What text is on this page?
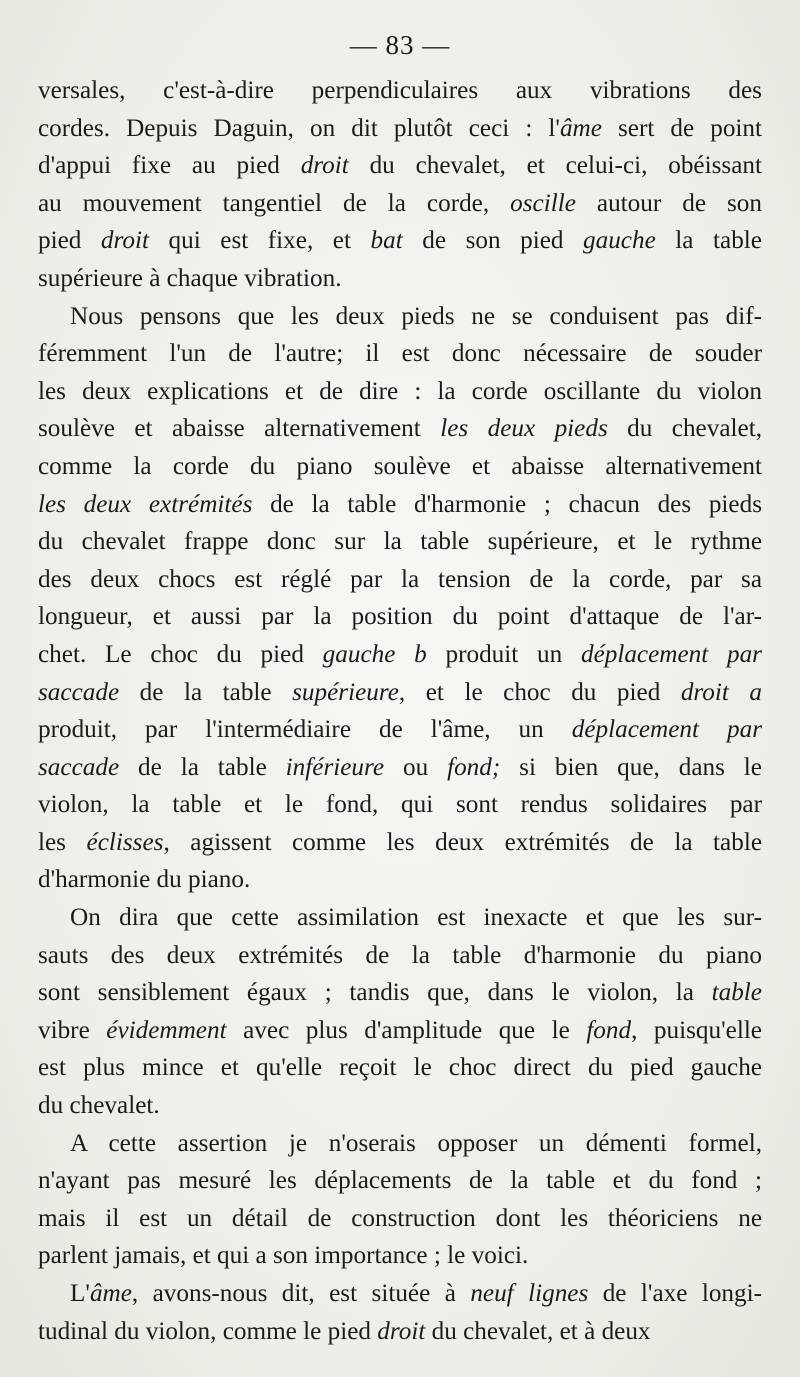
— 83 —

versales, c'est-à-dire perpendiculaires aux vibrations des

cordes. Depuis Daguin, on dit plutôt ceci : l'âme sert de point

d'appui fixe au pied droit du chevalet, et celui-ci, obéissant

au mouvement tangentiel de la corde, oscille autour de son

pied droit qui est fixe, et bat de son pied gauche la table

supérieure à chaque vibration.

Nous pensons que les deux pieds ne se conduisent pas dif-

féremment l'un de l'autre; il est donc nécessaire de souder

les deux explications et de dire : la corde oscillante du violon

soulève et abaisse alternativement les deux pieds du chevalet,

comme la corde du piano soulève et abaisse alternativement

les deux extrémités de la table d'harmonie ; chacun des pieds

du chevalet frappe donc sur la table supérieure, et le rythme

des deux chocs est réglé par la tension de la corde, par sa

longueur, et aussi par la position du point d'attaque de l'ar-

chet. Le choc du pied gauche b produit un déplacement par

saccade de la table supérieure, et le choc du pied droit a

produit, par l'intermédiaire de l'âme, un déplacement par

saccade de la table inférieure ou fond; si bien que, dans le

violon, la table et le fond, qui sont rendus solidaires par

les éclisses, agissent comme les deux extrémités de la table

d'harmonie du piano.

On dira que cette assimilation est inexacte et que les sur-

sauts des deux extrémités de la table d'harmonie du piano

sont sensiblement égaux ; tandis que, dans le violon, la table

vibre évidemment avec plus d'amplitude que le fond, puisqu'elle

est plus mince et qu'elle reçoit le choc direct du pied gauche

du chevalet.

A cette assertion je n'oserais opposer un démenti formel,

n'ayant pas mesuré les déplacements de la table et du fond ;

mais il est un détail de construction dont les théoriciens ne

parlent jamais, et qui a son importance ; le voici.

L'âme, avons-nous dit, est située à neuf lignes de l'axe longi-

tudinal du violon, comme le pied droit du chevalet, et à deux
